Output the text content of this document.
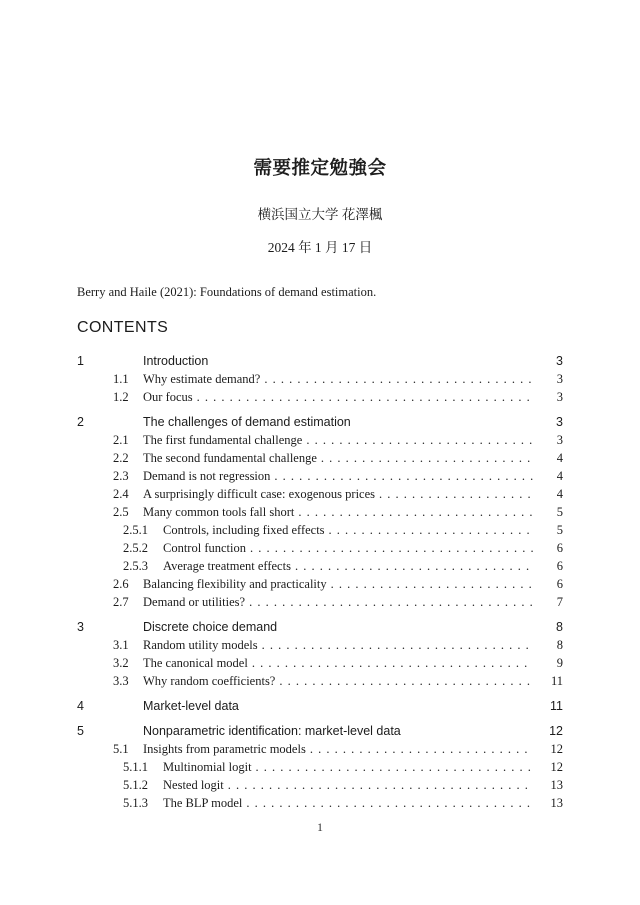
需要推定勉強会
横浜国立大学 花澤楓
2024 年 1 月 17 日
Berry and Haile (2021): Foundations of demand estimation.
CONTENTS
1	Introduction	3
1.1	Why estimate demand? . . .	3
1.2	Our focus . . .	3
2	The challenges of demand estimation	3
2.1	The first fundamental challenge . . .	3
2.2	The second fundamental challenge . . .	4
2.3	Demand is not regression . . .	4
2.4	A surprisingly difficult case: exogenous prices . . .	4
2.5	Many common tools fall short . . .	5
2.5.1	Controls, including fixed effects . . .	5
2.5.2	Control function . . .	6
2.5.3	Average treatment effects . . .	6
2.6	Balancing flexibility and practicality . . .	6
2.7	Demand or utilities? . . .	7
3	Discrete choice demand	8
3.1	Random utility models . . .	8
3.2	The canonical model . . .	9
3.3	Why random coefficients? . . .	11
4	Market-level data	11
5	Nonparametric identification: market-level data	12
5.1	Insights from parametric models . . .	12
5.1.1	Multinomial logit . . .	12
5.1.2	Nested logit . . .	13
5.1.3	The BLP model . . .	13
1
